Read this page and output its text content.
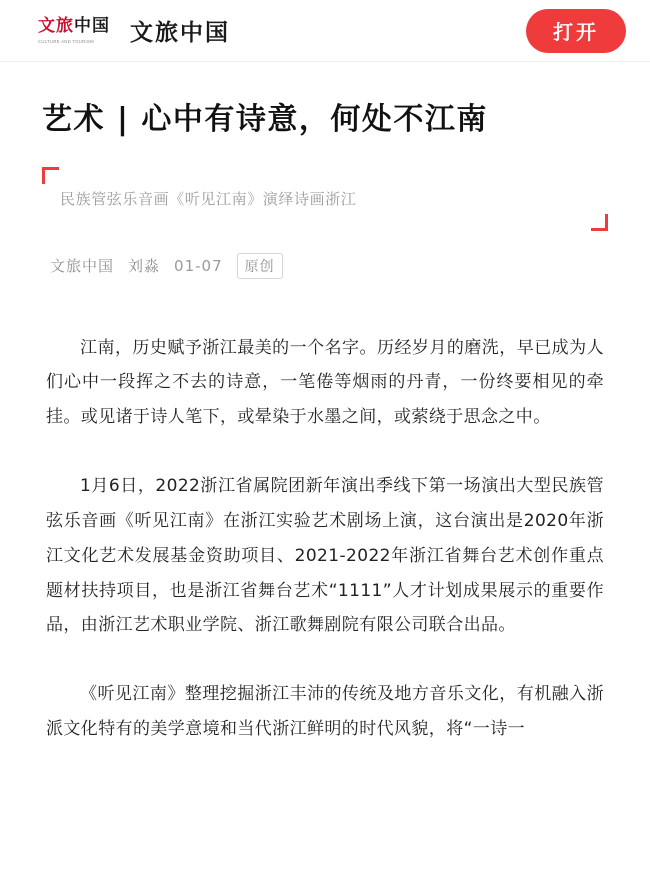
文旅中国
CULTURE AND TOURISM	文旅中国	打开
艺术 | 心中有诗意，何处不江南
民族管弦乐音画《听见江南》演绎诗画浙江
文旅中国 刘淼 01-07	原创

江南，历史赋予浙江最美的一个名字。历经岁月的磨洗，早已成为人们心中一段挥之不去的诗意，一笔倦等烟雨的丹青，一份终要相见的牵挂。或见诸于诗人笔下，或晕染于水墨之间，或萦绕于思念之中。

1月6日，2022浙江省属院团新年演出季线下第一场演出大型民族管弦乐音画《听见江南》在浙江实验艺术剧场上演，这台演出是2020年浙江文化艺术发展基金资助项目、2021-2022年浙江省舞台艺术创作重点题材扶持项目，也是浙江省舞台艺术“1111”人才计划成果展示的重要作品，由浙江艺术职业学院、浙江歌舞剧院有限公司联合出品。

《听见江南》整理挖掘浙江丰沛的传统及地方音乐文化，有机融入浙派文化特有的美学意境和当代浙江鲜明的时代风貌，将“一诗一
